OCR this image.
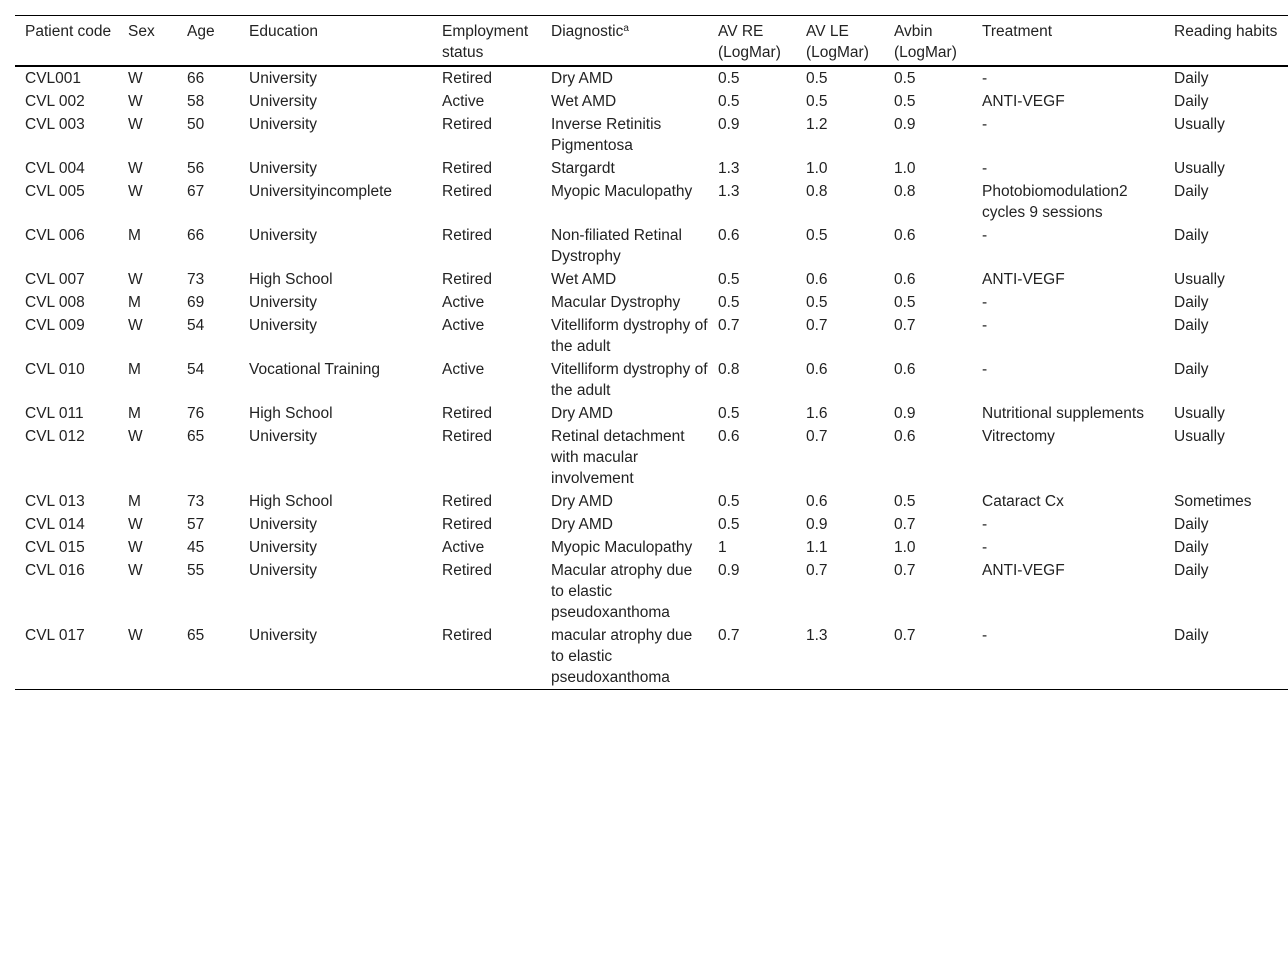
Patient code	Sex	Age	Education	Employment status	Diagnostic$^a$	AV RE (LogMar)	AV LE (LogMar)	Avbin (LogMar)	Treatment	Reading habits
CVL001	W	66	University	Retired	Dry AMD	0.5	0.5	0.5	-	Daily
CVL 002	W	58	University	Active	Wet AMD	0.5	0.5	0.5	ANTI-VEGF	Daily
CVL 003	W	50	University	Retired	Inverse Retinitis Pigmentosa	0.9	1.2	0.9	-	Usually
CVL 004	W	56	University	Retired	Stargardt	1.3	1.0	1.0	-	Usually
CVL 005	W	67	Universityincomplete	Retired	Myopic Maculopathy	1.3	0.8	0.8	Photobiomodulation2 cycles 9 sessions	Daily
CVL 006	M	66	University	Retired	Non-filiated Retinal Dystrophy	0.6	0.5	0.6	-	Daily
CVL 007	W	73	High School	Retired	Wet AMD	0.5	0.6	0.6	ANTI-VEGF	Usually
CVL 008	M	69	University	Active	Macular Dystrophy	0.5	0.5	0.5	-	Daily
CVL 009	W	54	University	Active	Vitelliform dystrophy of the adult	0.7	0.7	0.7	-	Daily
CVL 010	M	54	Vocational Training	Active	Vitelliform dystrophy of the adult	0.8	0.6	0.6	-	Daily
CVL 011	M	76	High School	Retired	Dry AMD	0.5	1.6	0.9	Nutritional supplements	Usually
CVL 012	W	65	University	Retired	Retinal detachment with macular involvement	0.6	0.7	0.6	Vitrectomy	Usually
CVL 013	M	73	High School	Retired	Dry AMD	0.5	0.6	0.5	Cataract Cx	Sometimes
CVL 014	W	57	University	Retired	Dry AMD	0.5	0.9	0.7	-	Daily
CVL 015	W	45	University	Active	Myopic Maculopathy	1	1.1	1.0	-	Daily
CVL 016	W	55	University	Retired	Macular atrophy due to elastic pseudoxanthoma	0.9	0.7	0.7	ANTI-VEGF	Daily
CVL 017	W	65	University	Retired	macular atrophy due to elastic pseudoxanthoma	0.7	1.3	0.7	-	Daily
